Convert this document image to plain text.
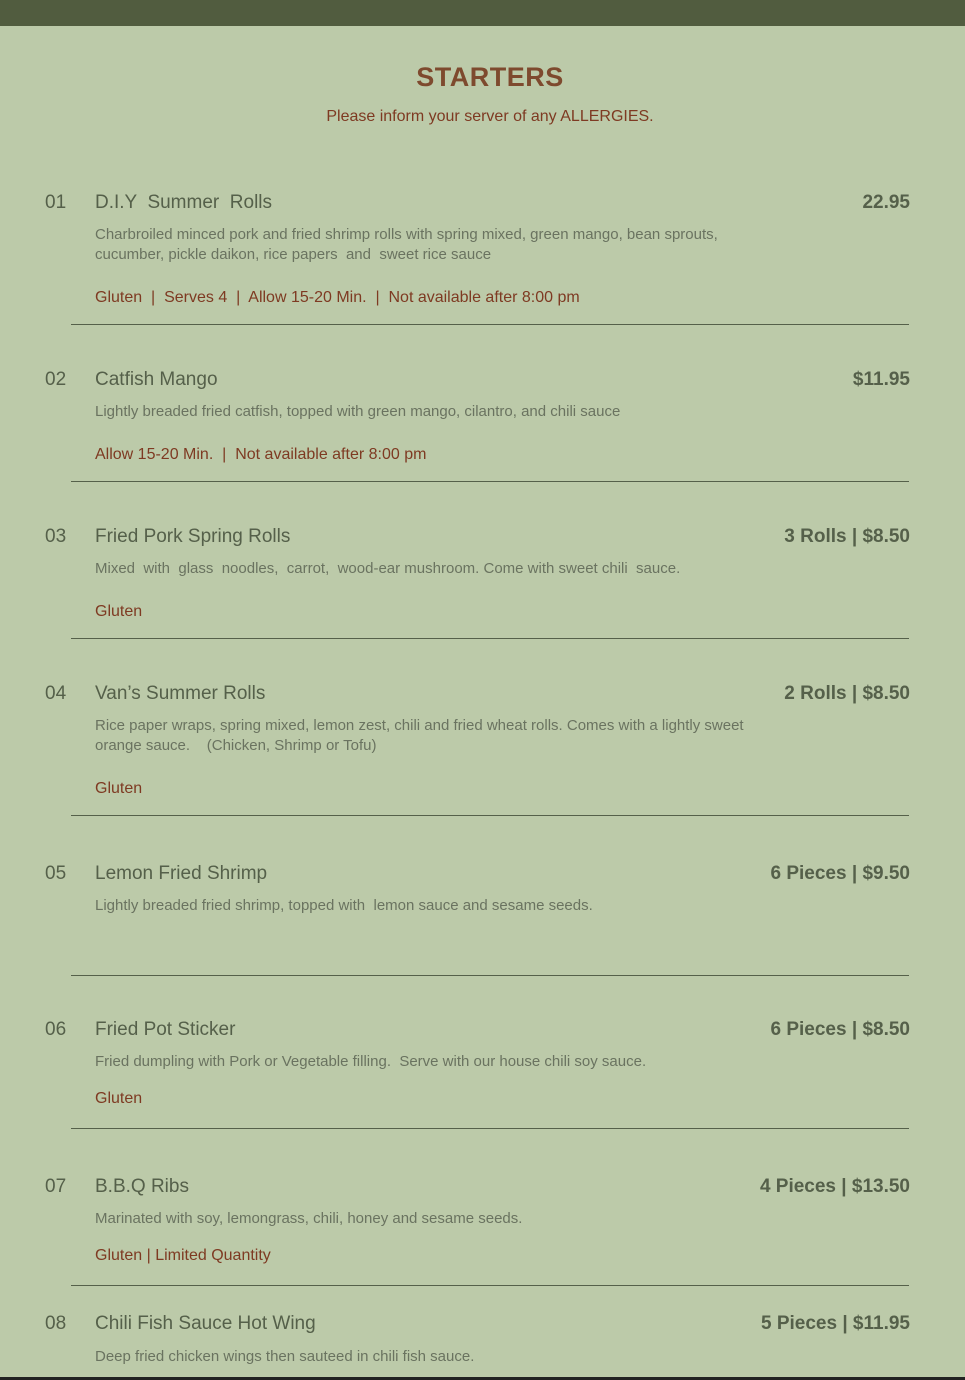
STARTERS
Please inform your server of any ALLERGIES.
01 D.I.Y  Summer  Rolls	22.95
Charbroiled minced pork and fried shrimp rolls with spring mixed, green mango, bean sprouts, cucumber, pickle daikon, rice papers  and  sweet rice sauce
Gluten  |  Serves 4  |  Allow 15-20 Min.  |  Not available after 8:00 pm
02 Catfish Mango	$11.95
Lightly breaded fried catfish, topped with green mango, cilantro, and chili sauce
Allow 15-20 Min.  |  Not available after 8:00 pm
03 Fried Pork Spring Rolls	3 Rolls | $8.50
Mixed  with  glass  noodles,  carrot,  wood-ear mushroom. Come with sweet chili  sauce.
Gluten
04 Van’s Summer Rolls	2 Rolls | $8.50
Rice paper wraps, spring mixed, lemon zest, chili and fried wheat rolls. Comes with a lightly sweet orange sauce.    (Chicken, Shrimp or Tofu)
Gluten
05 Lemon Fried Shrimp	6 Pieces | $9.50
Lightly breaded fried shrimp, topped with  lemon sauce and sesame seeds.
06 Fried Pot Sticker	6 Pieces | $8.50
Fried dumpling with Pork or Vegetable filling.  Serve with our house chili soy sauce.
Gluten
07 B.B.Q Ribs	4 Pieces | $13.50
Marinated with soy, lemongrass, chili, honey and sesame seeds.
Gluten | Limited Quantity
08 Chili Fish Sauce Hot Wing	5 Pieces | $11.95
Deep fried chicken wings then sauteed in chili fish sauce.
